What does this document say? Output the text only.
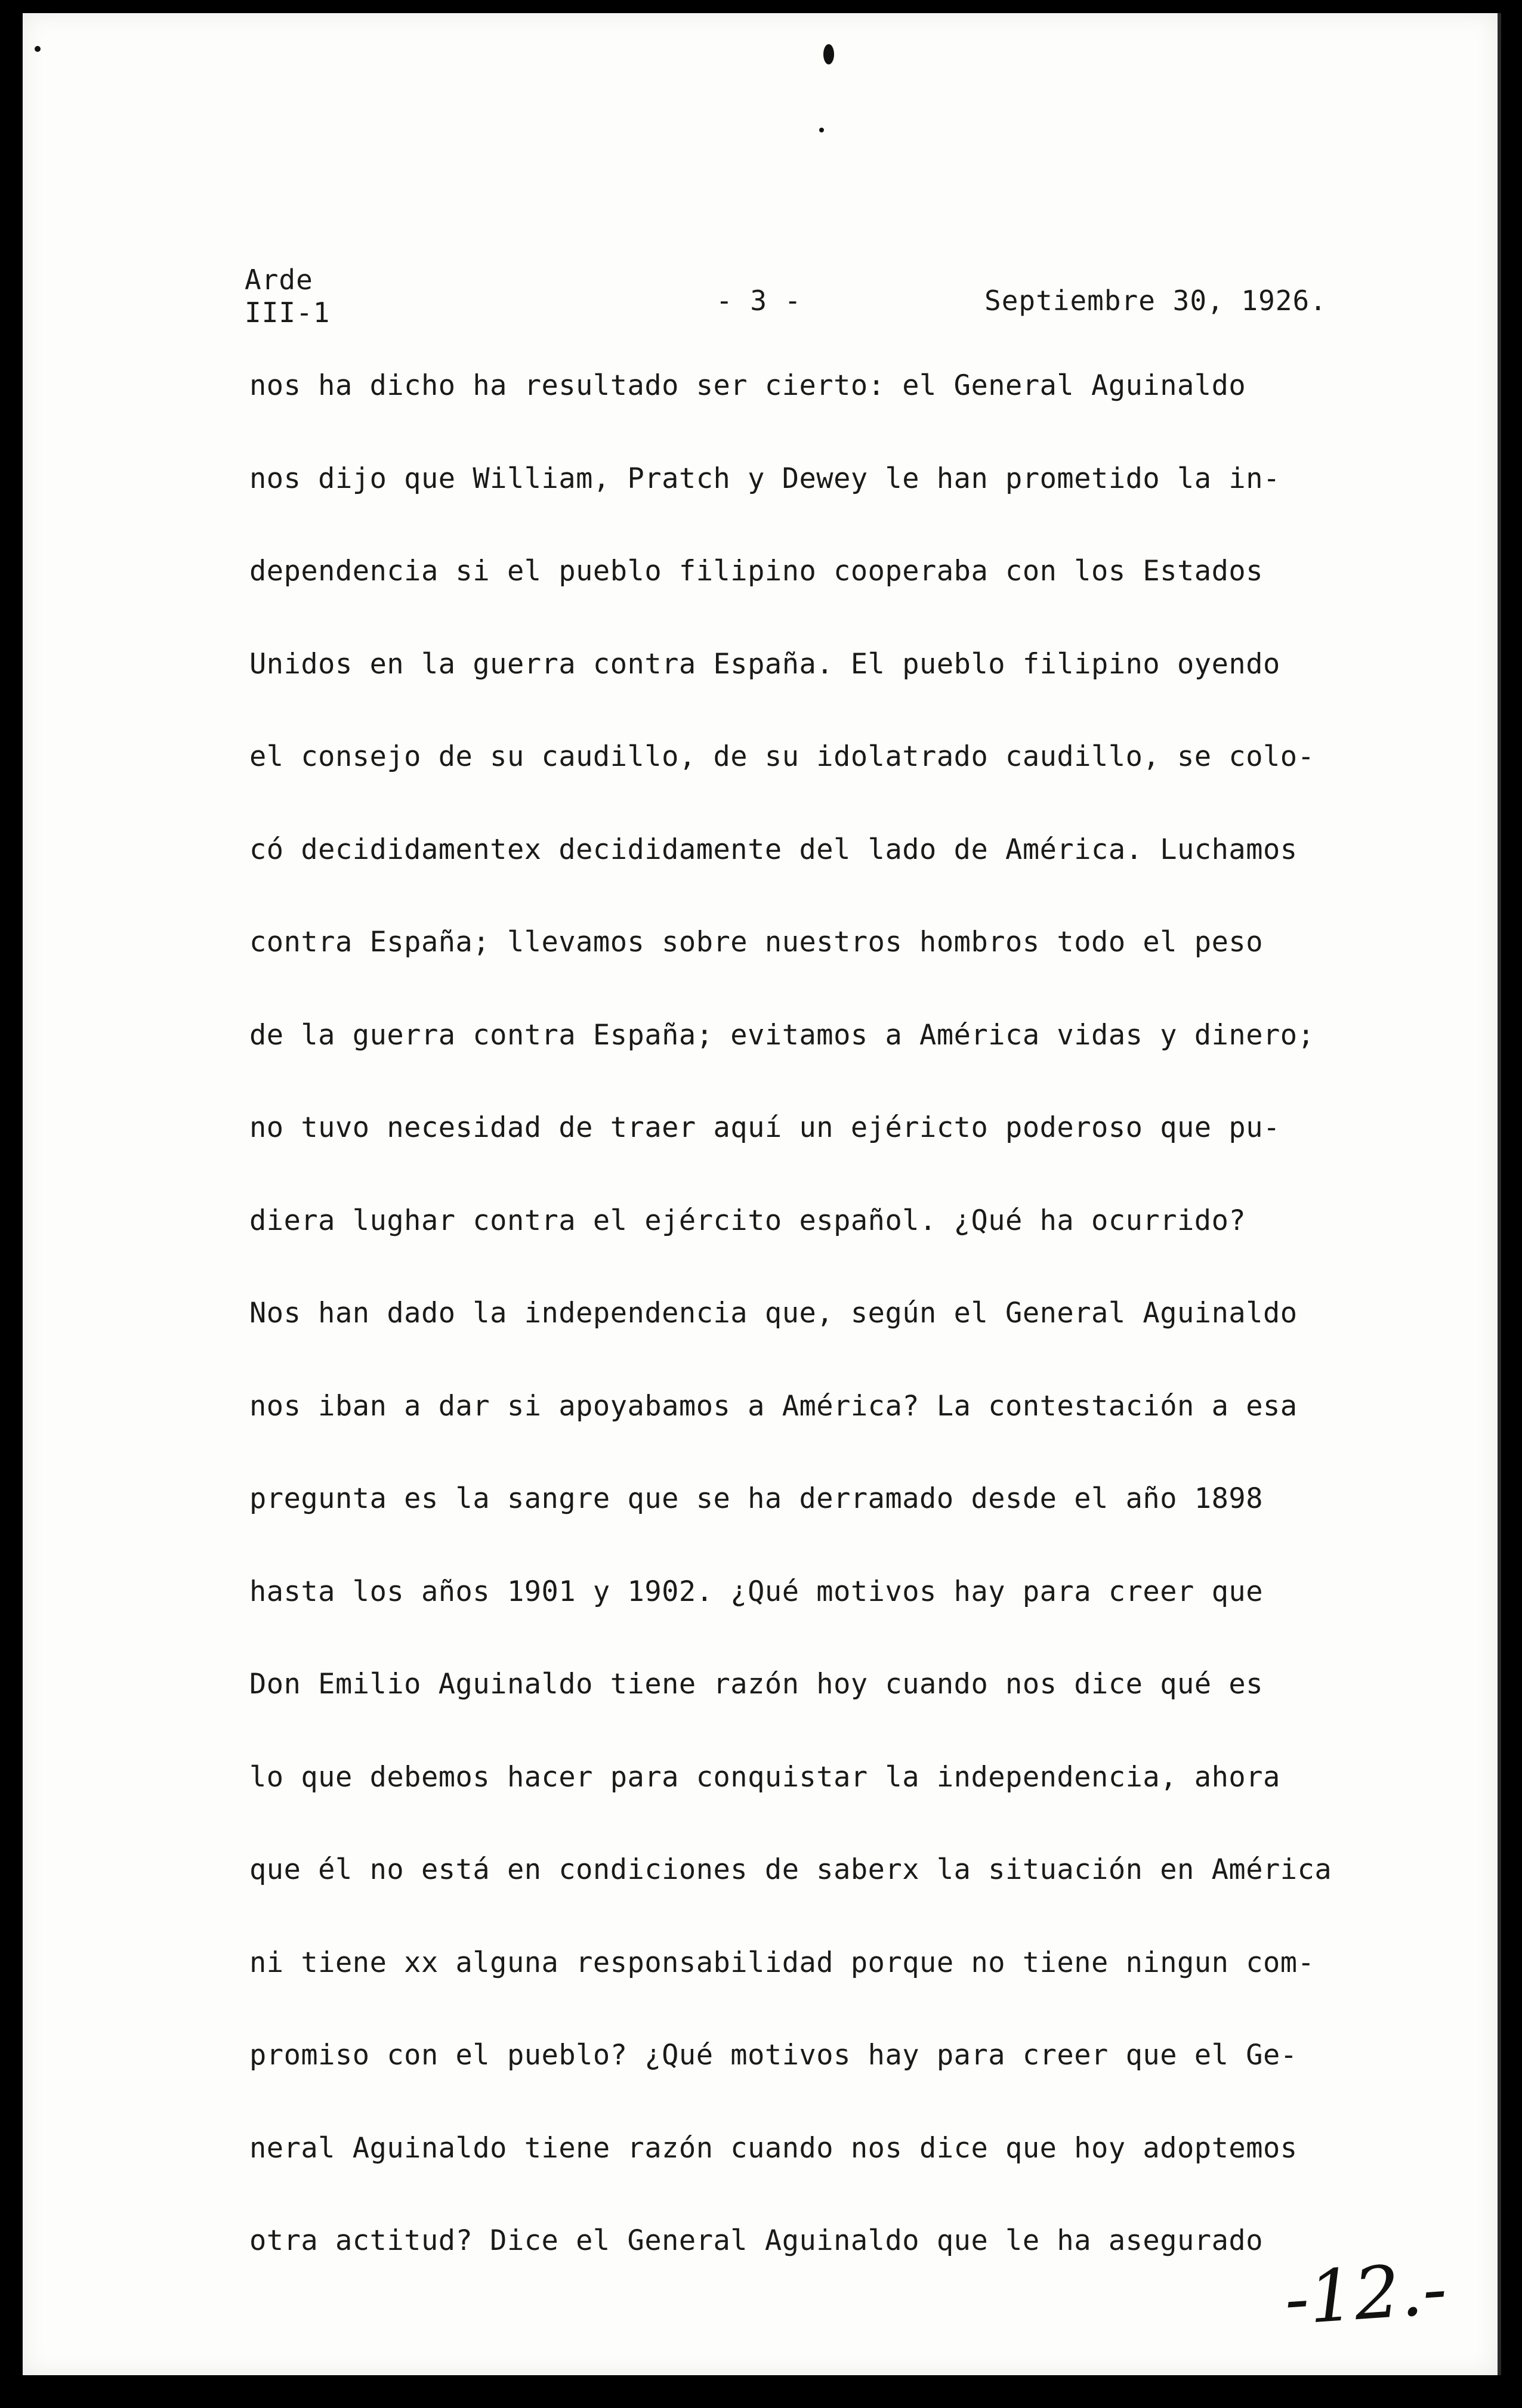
Arde
III-1	- 3 -	Septiembre 30, 1926.
nos ha dicho ha resultado ser cierto: el General Aguinaldo
nos dijo que William, Pratch y Dewey le han prometido la in-
dependencia si el pueblo filipino cooperaba con los Estados
Unidos en la guerra contra España. El pueblo filipino oyendo
el consejo de su caudillo, de su idolatrado caudillo, se colo-
có decididamentex decididamente del lado de América. Luchamos
contra España; llevamos sobre nuestros hombros todo el peso
de la guerra contra España; evitamos a América vidas y dinero;
no tuvo necesidad de traer aquí un ejéricto poderoso que pu-
diera lughar contra el ejército español. ¿Qué ha ocurrido?
Nos han dado la independencia que, según el General Aguinaldo
nos iban a dar si apoyabamos a América? La contestación a esa
pregunta es la sangre que se ha derramado desde el año 1898
hasta los años 1901 y 1902. ¿Qué motivos hay para creer que
Don Emilio Aguinaldo tiene razón hoy cuando nos dice qué es
lo que debemos hacer para conquistar la independencia, ahora
que él no está en condiciones de saberx la situación en América
ni tiene xx alguna responsabilidad porque no tiene ningun com-
promiso con el pueblo? ¿Qué motivos hay para creer que el Ge-
neral Aguinaldo tiene razón cuando nos dice que hoy adoptemos
otra actitud? Dice el General Aguinaldo que le ha asegurado
-12.-
